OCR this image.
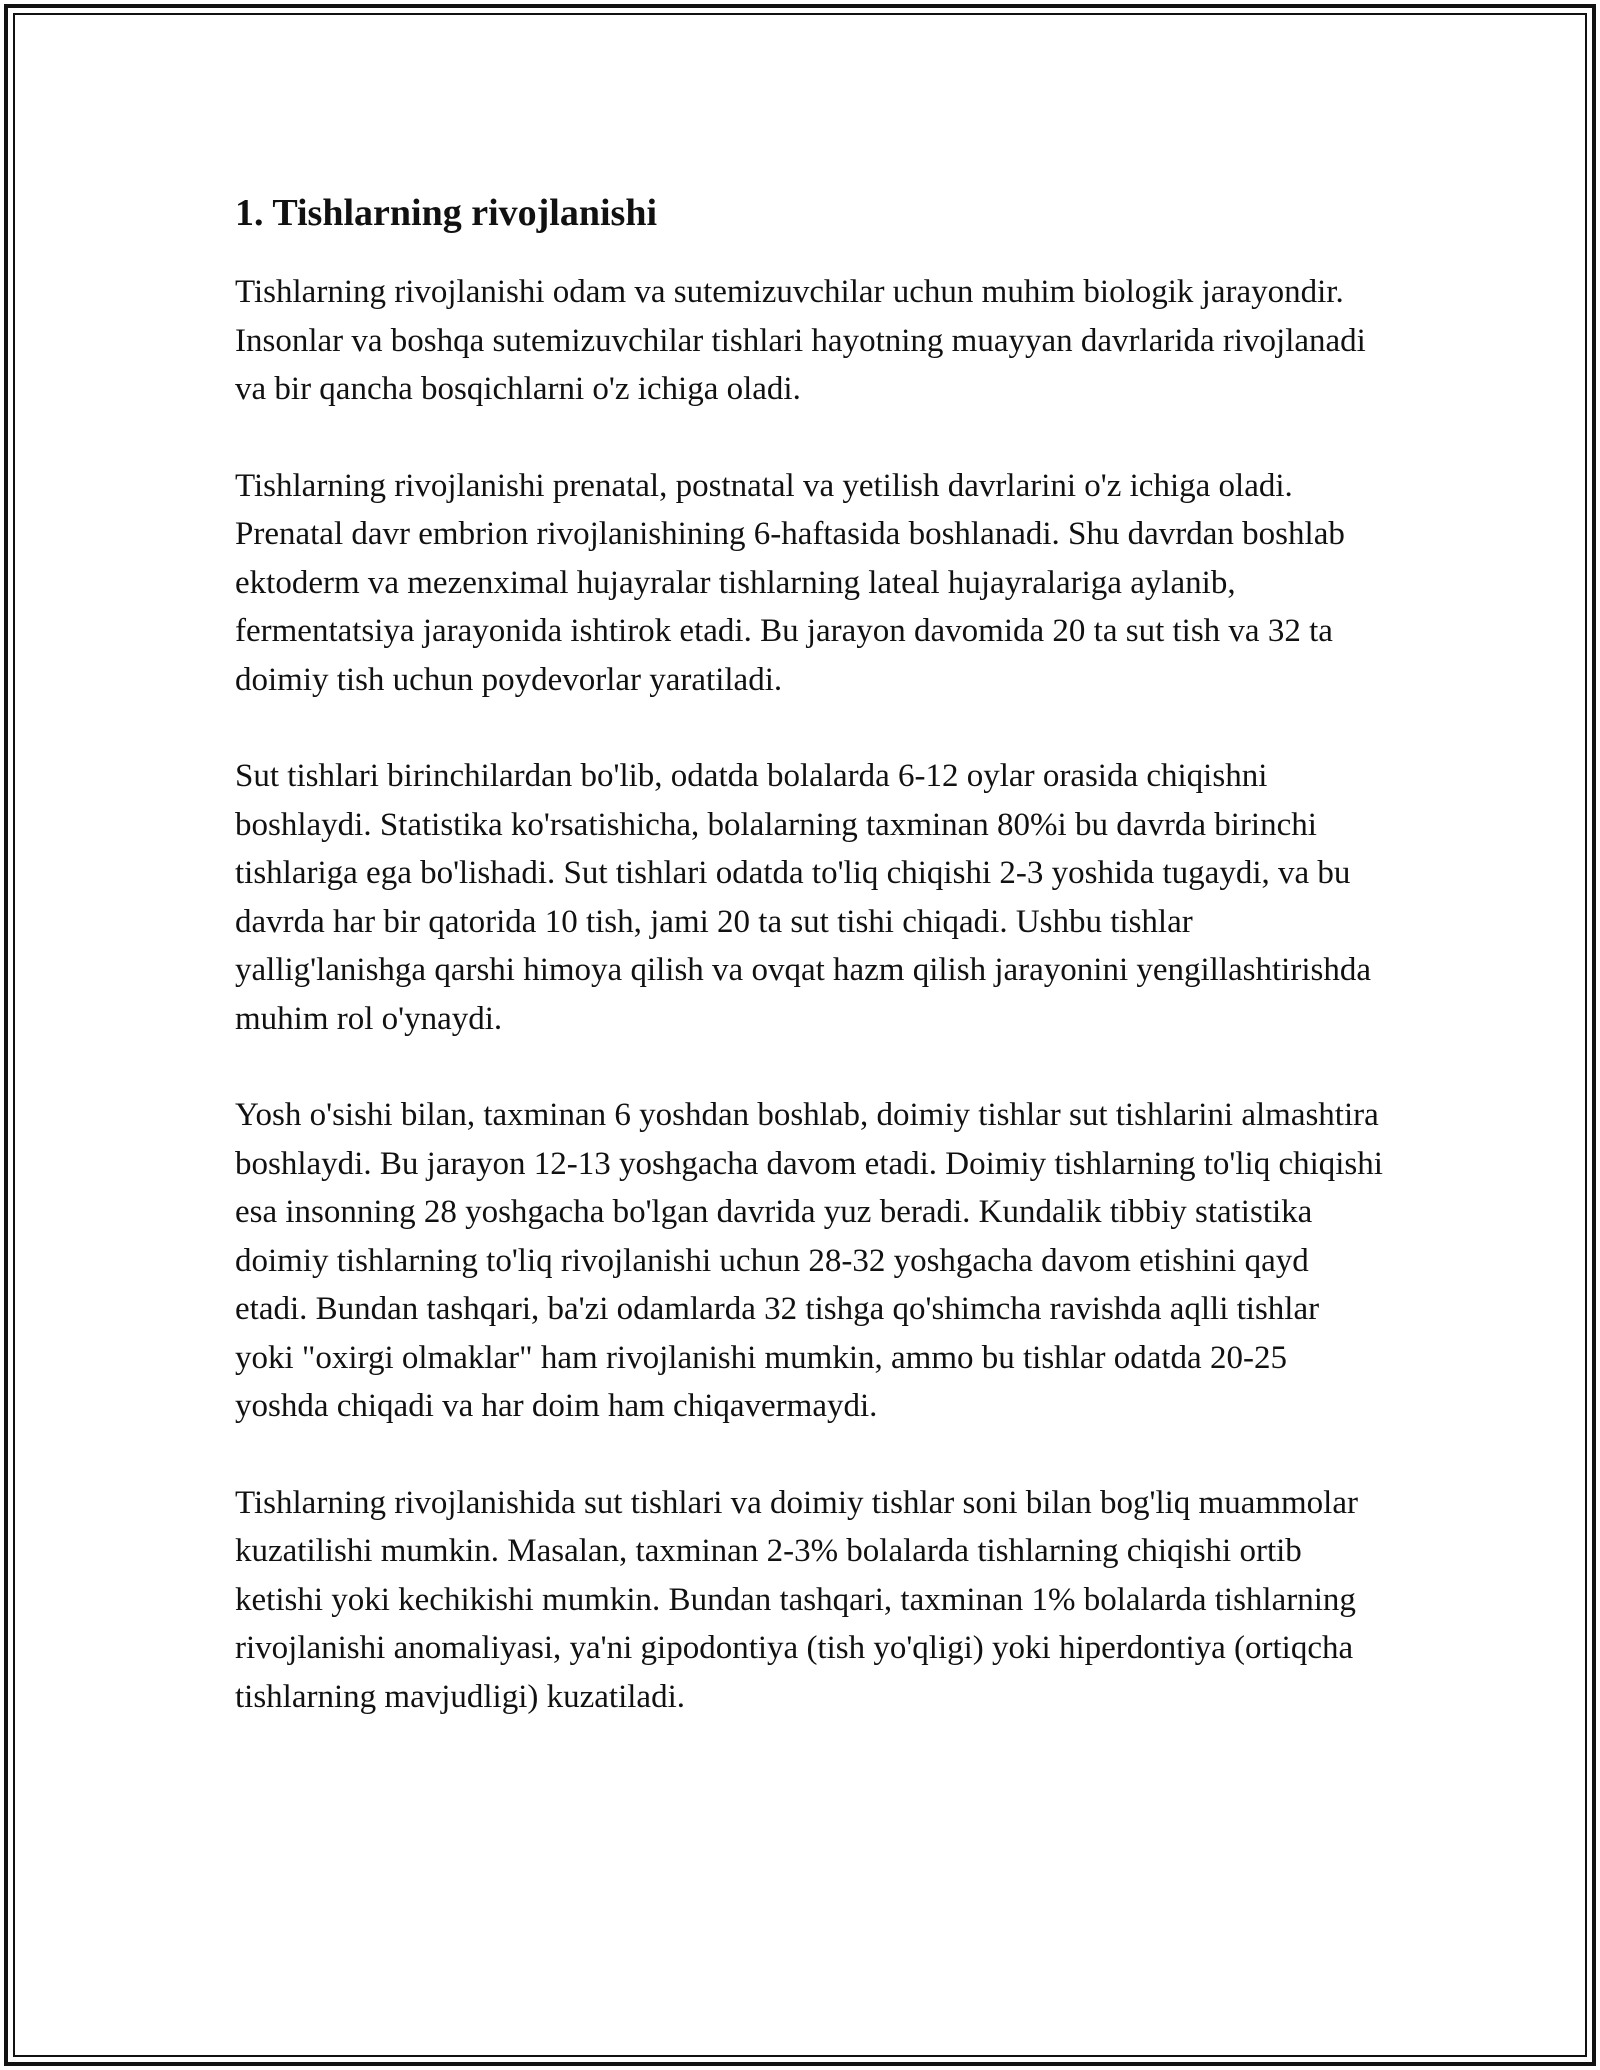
1. Tishlarning rivojlanishi

Tishlarning rivojlanishi odam va sutemizuvchilar uchun muhim biologik jarayondir. Insonlar va boshqa sutemizuvchilar tishlari hayotning muayyan davrlarida rivojlanadi va bir qancha bosqichlarni o'z ichiga oladi.

Tishlarning rivojlanishi prenatal, postnatal va yetilish davrlarini o'z ichiga oladi. Prenatal davr embrion rivojlanishining 6-haftasida boshlanadi. Shu davrdan boshlab ektoderm va mezenximal hujayralar tishlarning lateal hujayralariga aylanib, fermentatsiya jarayonida ishtirok etadi. Bu jarayon davomida 20 ta sut tish va 32 ta doimiy tish uchun poydevorlar yaratiladi.

Sut tishlari birinchilardan bo'lib, odatda bolalarda 6-12 oylar orasida chiqishni boshlaydi. Statistika ko'rsatishicha, bolalarning taxminan 80%i bu davrda birinchi tishlariga ega bo'lishadi. Sut tishlari odatda to'liq chiqishi 2-3 yoshida tugaydi, va bu davrda har bir qatorida 10 tish, jami 20 ta sut tishi chiqadi. Ushbu tishlar yallig'lanishga qarshi himoya qilish va ovqat hazm qilish jarayonini yengillashtirishda muhim rol o'ynaydi.

Yosh o'sishi bilan, taxminan 6 yoshdan boshlab, doimiy tishlar sut tishlarini almashtira boshlaydi. Bu jarayon 12-13 yoshgacha davom etadi. Doimiy tishlarning to'liq chiqishi esa insonning 28 yoshgacha bo'lgan davrida yuz beradi. Kundalik tibbiy statistika doimiy tishlarning to'liq rivojlanishi uchun 28-32 yoshgacha davom etishini qayd etadi. Bundan tashqari, ba'zi odamlarda 32 tishga qo'shimcha ravishda aqlli tishlar yoki "oxirgi olmaklar" ham rivojlanishi mumkin, ammo bu tishlar odatda 20-25 yoshda chiqadi va har doim ham chiqavermaydi.

Tishlarning rivojlanishida sut tishlari va doimiy tishlar soni bilan bog'liq muammolar kuzatilishi mumkin. Masalan, taxminan 2-3% bolalarda tishlarning chiqishi ortib ketishi yoki kechikishi mumkin. Bundan tashqari, taxminan 1% bolalarda tishlarning rivojlanishi anomaliyasi, ya'ni gipodontiya (tish yo'qligi) yoki hiperdontiya (ortiqcha tishlarning mavjudligi) kuzatiladi.
